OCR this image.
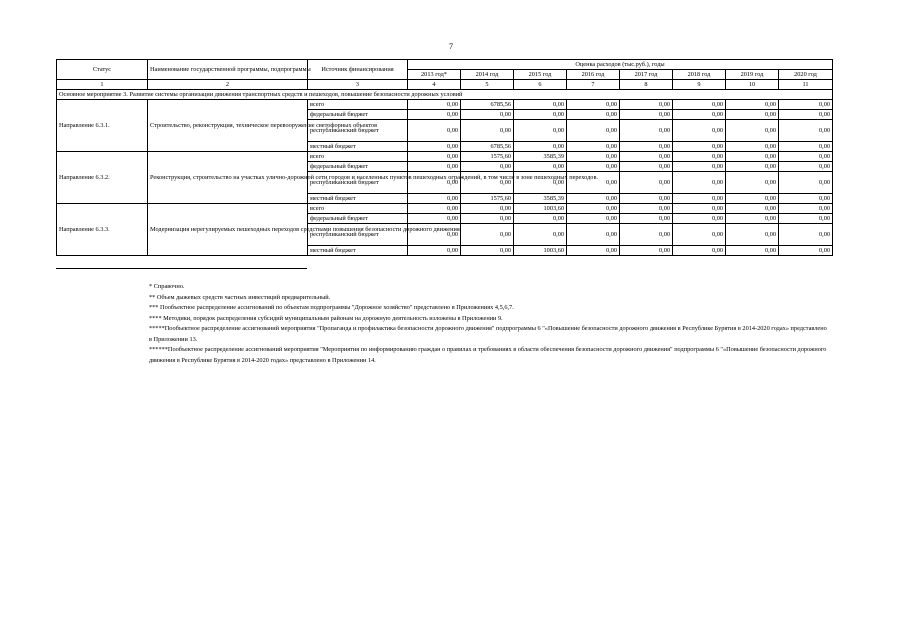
7
Статус	Наименование государственной программы, подпрограммы	Источник финансирования	Оценка расходов (тыс.руб.), годы							
			2013 год*	2014 год	2015 год	2016 год	2017 год	2018 год	2019 год	2020 год
1	2	3	4	5	6	7	8	9	10	11
Основное мероприятие 3. Развитие системы организации движения транспортных средств и пешеходов, повышение безопасности дорожных условий										
Направление 6.3.1.	Строительство, реконструкция, техническое перевооружение светофорных объектов	всего	0,00	6785,56	0,00	0,00	0,00	0,00	0,00	0,00
		федеральный бюджет	0,00	0,00	0,00	0,00	0,00	0,00	0,00	0,00
		республиканский бюджет	0,00	0,00	0,00	0,00	0,00	0,00	0,00	0,00
		местный бюджет	0,00	6785,56	0,00	0,00	0,00	0,00	0,00	0,00
Направление 6.3.2.	Реконструкция, строительство на участках улично-дорожной сети городов и населенных пунктов пешеходных ограждений, в том числе в зоне пешеходных переходов.	всего	0,00	1575,60	3585,39	0,00	0,00	0,00	0,00	0,00
		федеральный бюджет	0,00	0,00	0,00	0,00	0,00	0,00	0,00	0,00
		республиканский бюджет	0,00	0,00	0,00	0,00	0,00	0,00	0,00	0,00
		местный бюджет	0,00	1575,60	3585,39	0,00	0,00	0,00	0,00	0,00
Направление 6.3.3.	Модернизация нерегулируемых пешеходных переходов средствами повышения безопасности дорожного движения	всего	0,00	0,00	1003,60	0,00	0,00	0,00	0,00	0,00
		федеральный бюджет	0,00	0,00	0,00	0,00	0,00	0,00	0,00	0,00
		республиканский бюджет	0,00	0,00	0,00	0,00	0,00	0,00	0,00	0,00
		местный бюджет	0,00	0,00	1003,60	0,00	0,00	0,00	0,00	0,00
* Справочно.
** Объем дыжевых средств частных инвестиций предварительный.
*** Пообъектное распределение ассигнований по объектам подпрограммы "Дорожное хозяйство" представлено в Приложениях 4,5,6,7.
**** Методики, порядок распределения субсидий муниципальным районам на дорожную деятельность изложены в Приложении 9.
*****Пообъектное распределение ассигнований мероприятия "Пропаганда и профилактика безопасности дорожного движения" подпрограммы 6 "«Повышение безопасности дорожного движения в Республике Бурятия в 2014-2020 годах» представлено в Приложении 13.
******Пообъектное распределение ассигнований мероприятия "Мероприятия по информированию граждан о правилах и требованиях в области обеспечения безопасности дорожного движения" подпрограммы 6 "«Повышение безопасности дорожного движения в Республике Бурятия в 2014-2020 годах» представлено в Приложении 14.
